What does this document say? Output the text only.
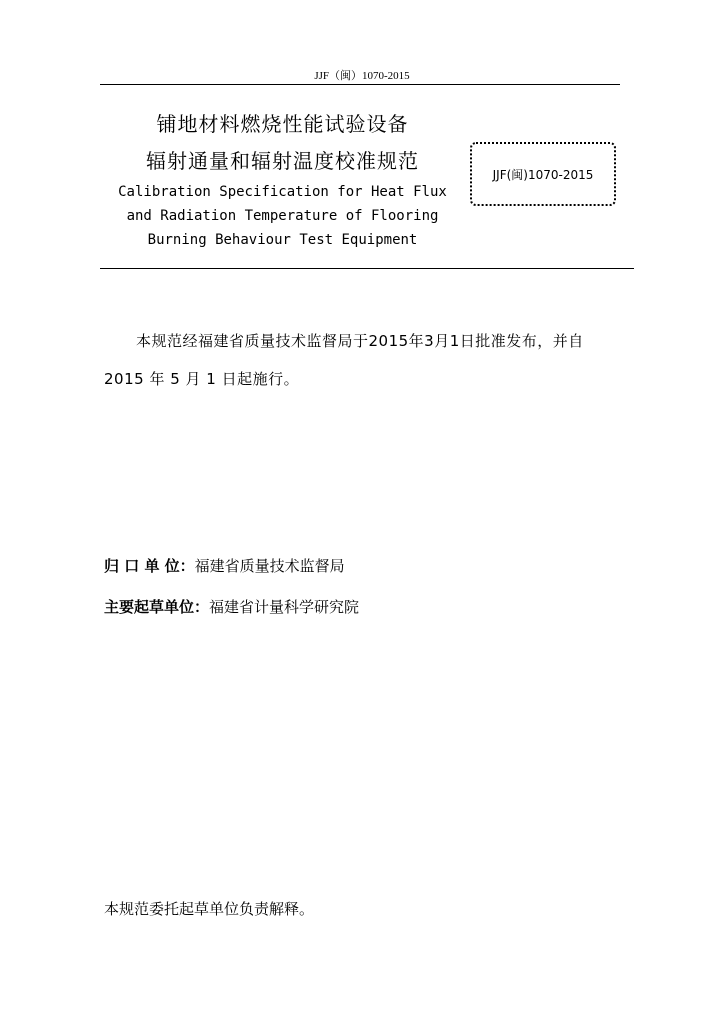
JJF（闽）1070-2015
铺地材料燃烧性能试验设备
辐射通量和辐射温度校准规范
Calibration Specification for Heat Flux
and Radiation Temperature of Flooring
Burning Behaviour Test Equipment
JJF(闽)1070-2015
本规范经福建省质量技术监督局于2015年3月1日批准发布，并自 2015 年 5 月 1 日起施行。
归 口 单 位：福建省质量技术监督局
主要起草单位：福建省计量科学研究院
本规范委托起草单位负责解释。
